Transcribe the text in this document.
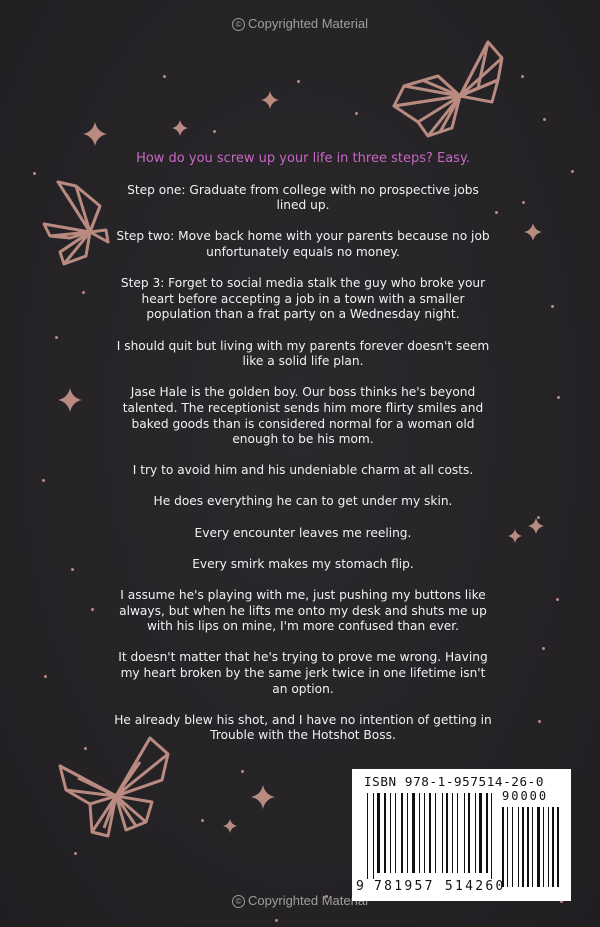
© Copyrighted Material

How do you screw up your life in three steps? Easy.

Step one: Graduate from college with no prospective jobs lined up.

Step two: Move back home with your parents because no job unfortunately equals no money.

Step 3: Forget to social media stalk the guy who broke your heart before accepting a job in a town with a smaller population than a frat party on a Wednesday night.

I should quit but living with my parents forever doesn't seem like a solid life plan.

Jase Hale is the golden boy. Our boss thinks he's beyond talented. The receptionist sends him more flirty smiles and baked goods than is considered normal for a woman old enough to be his mom.

I try to avoid him and his undeniable charm at all costs.

He does everything he can to get under my skin.

Every encounter leaves me reeling.

Every smirk makes my stomach flip.

I assume he's playing with me, just pushing my buttons like always, but when he lifts me onto my desk and shuts me up with his lips on mine, I'm more confused than ever.

It doesn't matter that he's trying to prove me wrong. Having my heart broken by the same jerk twice in one lifetime isn't an option.

He already blew his shot, and I have no intention of getting in Trouble with the Hotshot Boss.

ISBN 978-1-957514-26-0
90000
9 781957 514260
© Copyrighted Material
